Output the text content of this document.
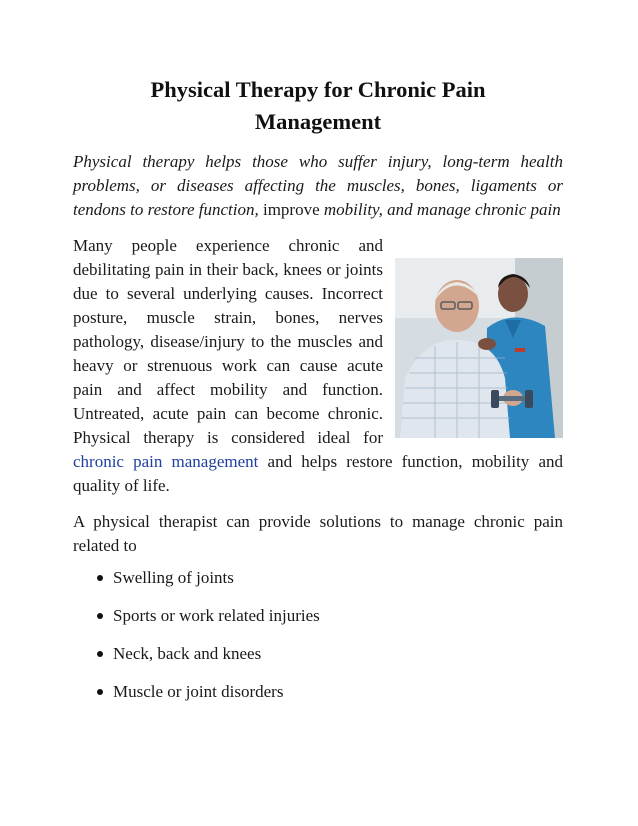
Physical Therapy for Chronic Pain Management

Physical therapy helps those who suffer injury, long-term health problems, or diseases affecting the muscles, bones, ligaments or tendons to restore function, improve mobility, and manage chronic pain

Many people experience chronic and debilitating pain in their back, knees or joints due to several underlying causes. Incorrect posture, muscle strain, bones, nerves pathology, disease/injury to the muscles and heavy or strenuous work can cause acute pain and affect mobility and function. Untreated, acute pain can become chronic. Physical therapy is considered ideal for chronic pain management and helps restore function, mobility and quality of life.

A physical therapist can provide solutions to manage chronic pain related to

Swelling of joints
Sports or work related injuries
Neck, back and knees
Muscle or joint disorders
